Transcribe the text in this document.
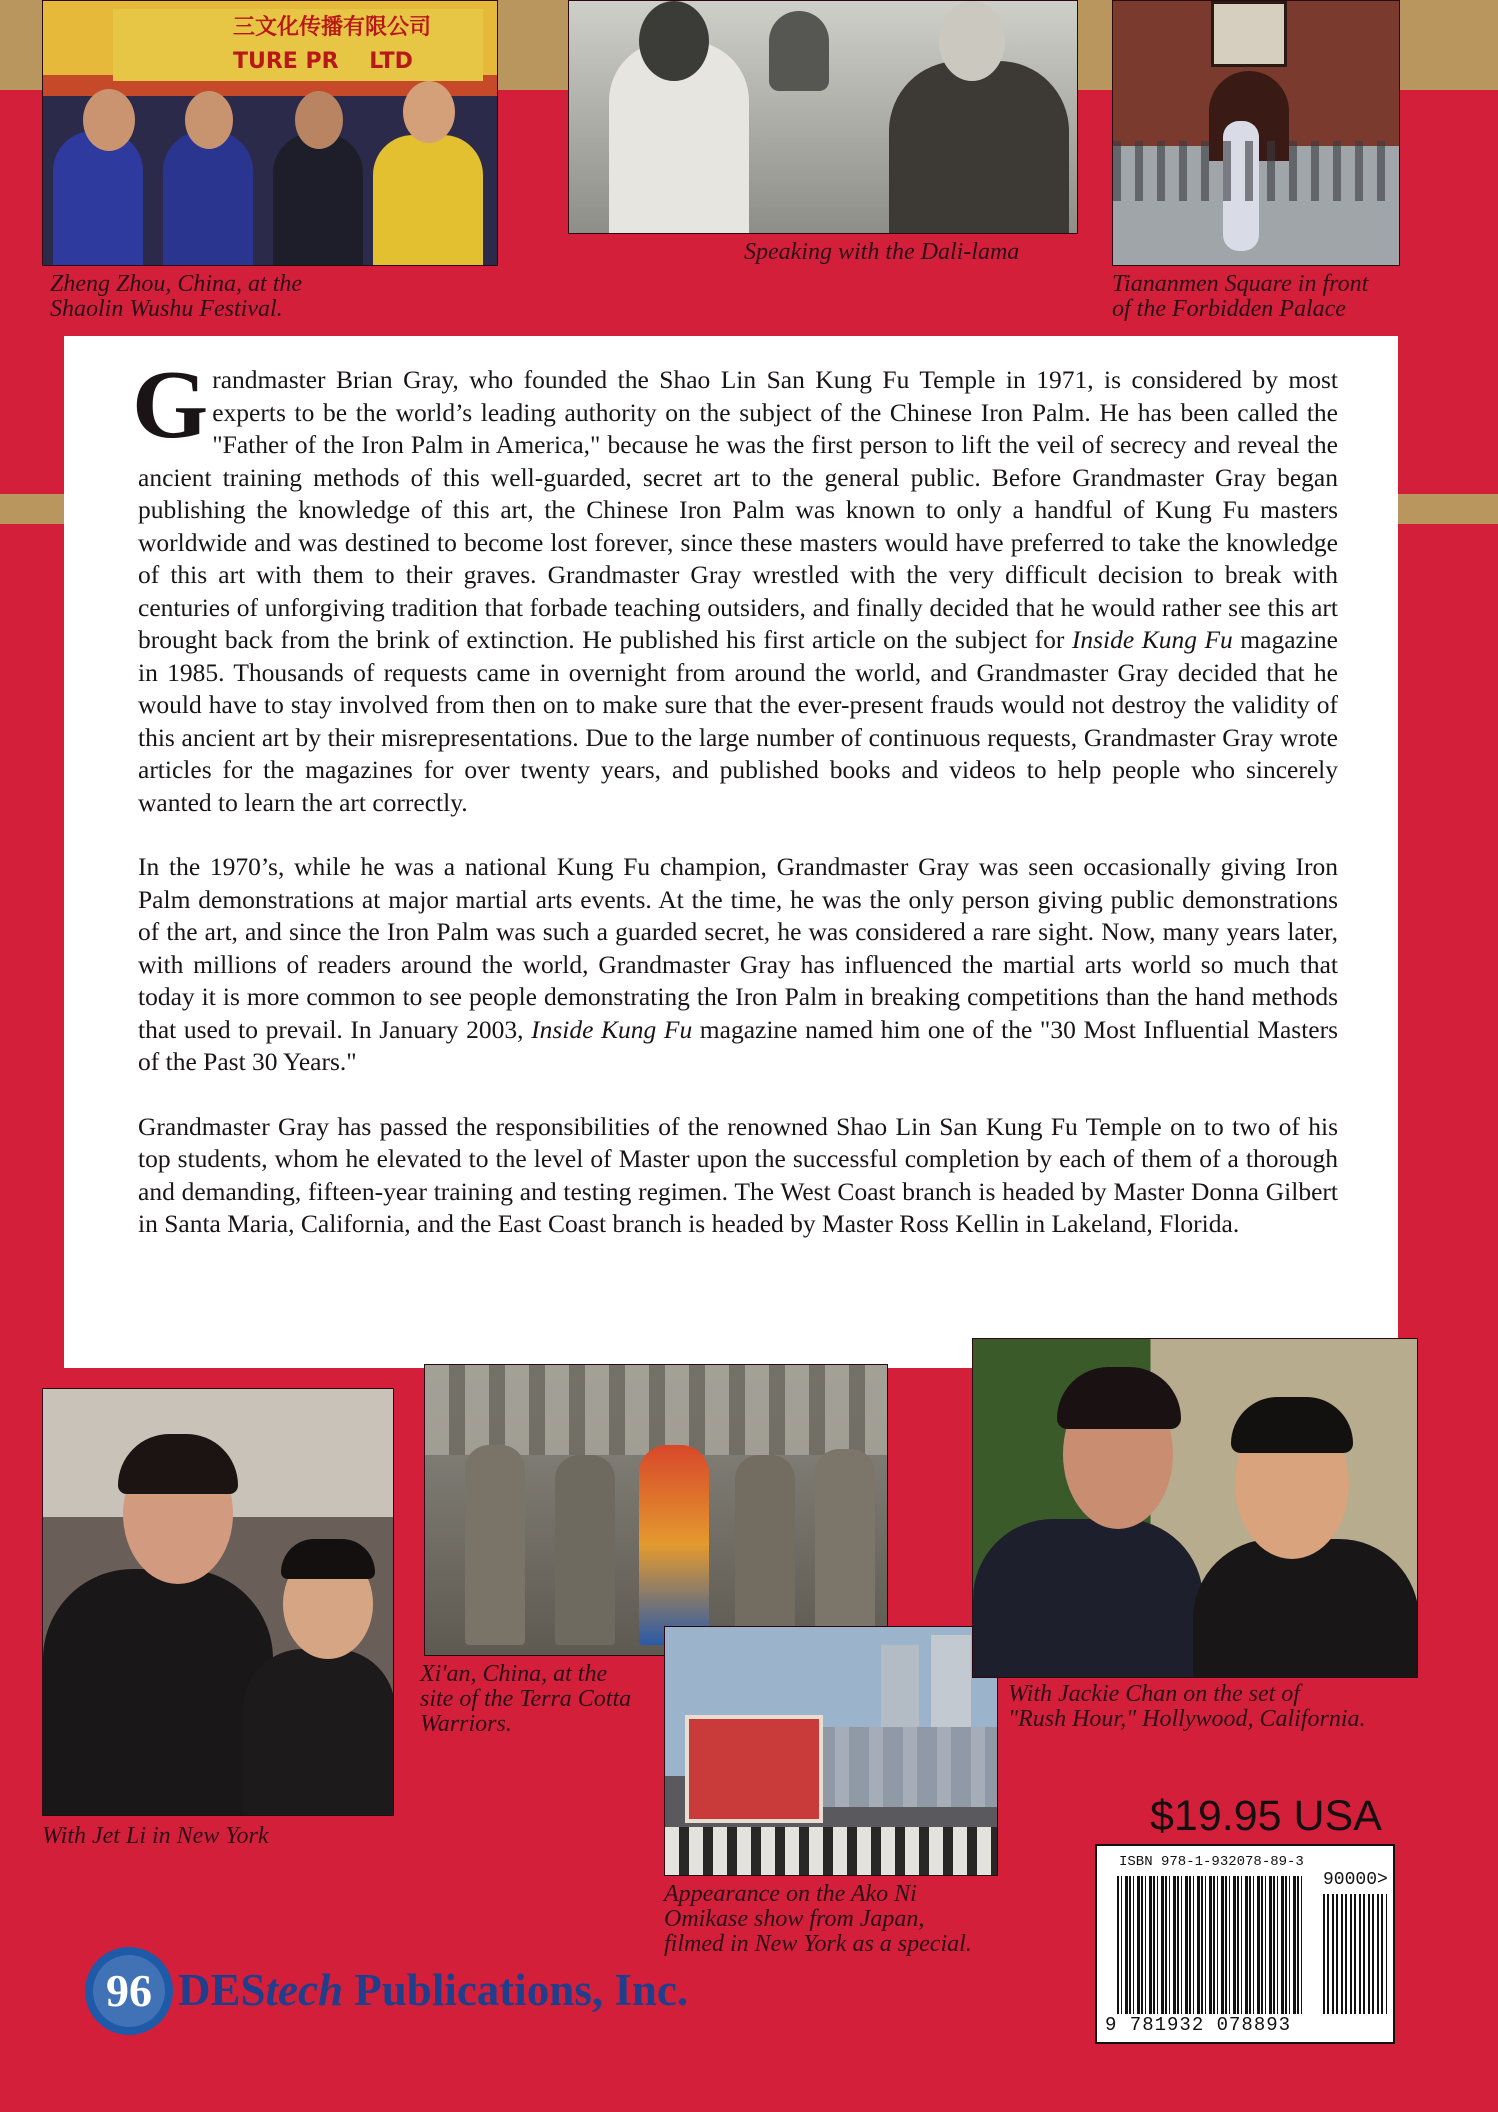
三文化传播有限公司
TURE PR    LTD

Zheng Zhou, China, at the
Shaolin Wushu Festival.

Speaking with the Dali-lama

Tiananmen Square in front
of the Forbidden Palace

Grandmaster Brian Gray, who founded the Shao Lin San Kung Fu Temple in 1971, is considered by most experts to be the world’s leading authority on the subject of the Chinese Iron Palm. He has been called the "Father of the Iron Palm in America," because he was the first person to lift the veil of secrecy and reveal the ancient training methods of this well-guarded, secret art to the general public. Before Grandmaster Gray began publishing the knowledge of this art, the Chinese Iron Palm was known to only a handful of Kung Fu masters worldwide and was destined to become lost forever, since these masters would have preferred to take the knowledge of this art with them to their graves. Grandmaster Gray wrestled with the very difficult decision to break with centuries of unforgiving tradition that forbade teaching outsiders, and finally decided that he would rather see this art brought back from the brink of extinction. He published his first article on the subject for Inside Kung Fu magazine in 1985. Thousands of requests came in overnight from around the world, and Grandmaster Gray decided that he would have to stay involved from then on to make sure that the ever-present frauds would not destroy the validity of this ancient art by their misrepresentations. Due to the large number of continuous requests, Grandmaster Gray wrote articles for the magazines for over twenty years, and published books and videos to help people who sincerely wanted to learn the art correctly.

In the 1970’s, while he was a national Kung Fu champion, Grandmaster Gray was seen occasionally giving Iron Palm demonstrations at major martial arts events. At the time, he was the only person giving public demonstrations of the art, and since the Iron Palm was such a guarded secret, he was considered a rare sight. Now, many years later, with millions of readers around the world, Grandmaster Gray has influenced the martial arts world so much that today it is more common to see people demonstrating the Iron Palm in breaking competitions than the hand methods that used to prevail. In January 2003, Inside Kung Fu magazine named him one of the "30 Most Influential Masters of the Past 30 Years."

Grandmaster Gray has passed the responsibilities of the renowned Shao Lin San Kung Fu Temple on to two of his top students, whom he elevated to the level of Master upon the successful completion by each of them of a thorough and demanding, fifteen-year training and testing regimen. The West Coast branch is headed by Master Donna Gilbert in Santa Maria, California, and the East Coast branch is headed by Master Ross Kellin in Lakeland, Florida.

With Jet Li in New York

Xi'an, China, at the
site of the Terra Cotta
Warriors.

Appearance on the Ako Ni
Omikase show from Japan,
filmed in New York as a special.

With Jackie Chan on the set of
"Rush Hour," Hollywood, California.

$19.95 USA
ISBN 978-1-932078-89-3
90000>
9 781932 078893
96 DEStech Publications, Inc.
